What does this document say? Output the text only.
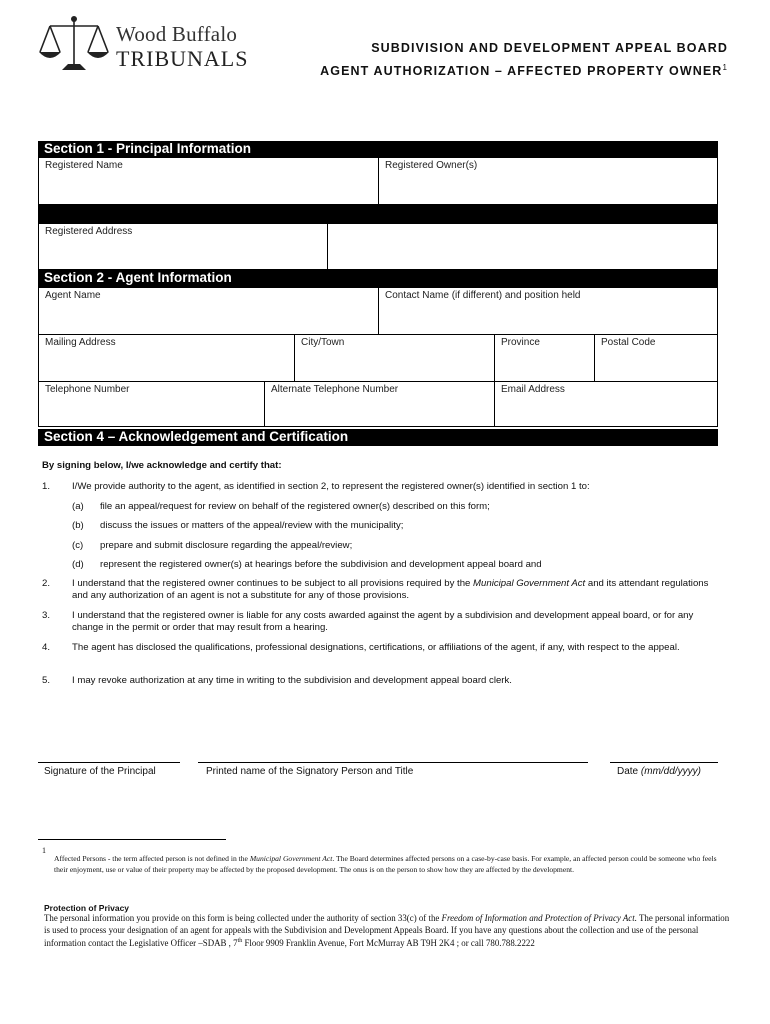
Wood Buffalo
TRIBUNALS	SUBDIVISION AND DEVELOPMENT APPEAL BOARD
AGENT AUTHORIZATION – AFFECTED PROPERTY OWNER$^1$
Section 1 - Principal Information
Registered Name	Registered Owner(s)
Registered Address
Section 2 - Agent Information
Agent Name	Contact Name (if different) and position held
Mailing Address	City/Town	Province	Postal Code
Telephone Number	Alternate Telephone Number	Email Address
Section 4 – Acknowledgement and Certification
By signing below, I/we acknowledge and certify that:
1. I/We provide authority to the agent, as identified in section 2, to represent the registered owner(s) identified in section 1 to:
(a) file an appeal/request for review on behalf of the registered owner(s) described on this form;
(b) discuss the issues or matters of the appeal/review with the municipality;
(c) prepare and submit disclosure regarding the appeal/review;
(d) represent the registered owner(s) at hearings before the subdivision and development appeal board and
2. I understand that the registered owner continues to be subject to all provisions required by the Municipal Government Act and its attendant regulations and any authorization of an agent is not a substitute for any of those provisions.
3. I understand that the registered owner is liable for any costs awarded against the agent by a subdivision and development appeal board, or for any change in the permit or order that may result from a hearing.
4. The agent has disclosed the qualifications, professional designations, certifications, or affiliations of the agent, if any, with respect to the appeal.
5. I may revoke authorization at any time in writing to the subdivision and development appeal board clerk.
Signature of the Principal	Printed name of the Signatory Person and Title	Date (mm/dd/yyyy)
1
Affected Persons - the term affected person is not defined in the Municipal Government Act. The Board determines affected persons on a case-by-case basis. For example, an affected person could be someone who feels their enjoyment, use or value of their property may be affected by the proposed development. The onus is on the person to show how they are affected by the development.
Protection of Privacy
The personal information you provide on this form is being collected under the authority of section 33(c) of the Freedom of Information and Protection of Privacy Act. The personal information is used to process your designation of an agent for appeals with the Subdivision and Development Appeals Board. If you have any questions about the collection and use of the personal information contact the Legislative Officer –SDAB , 7th Floor 9909 Franklin Avenue, Fort McMurray AB T9H 2K4 ; or call 780.788.2222
